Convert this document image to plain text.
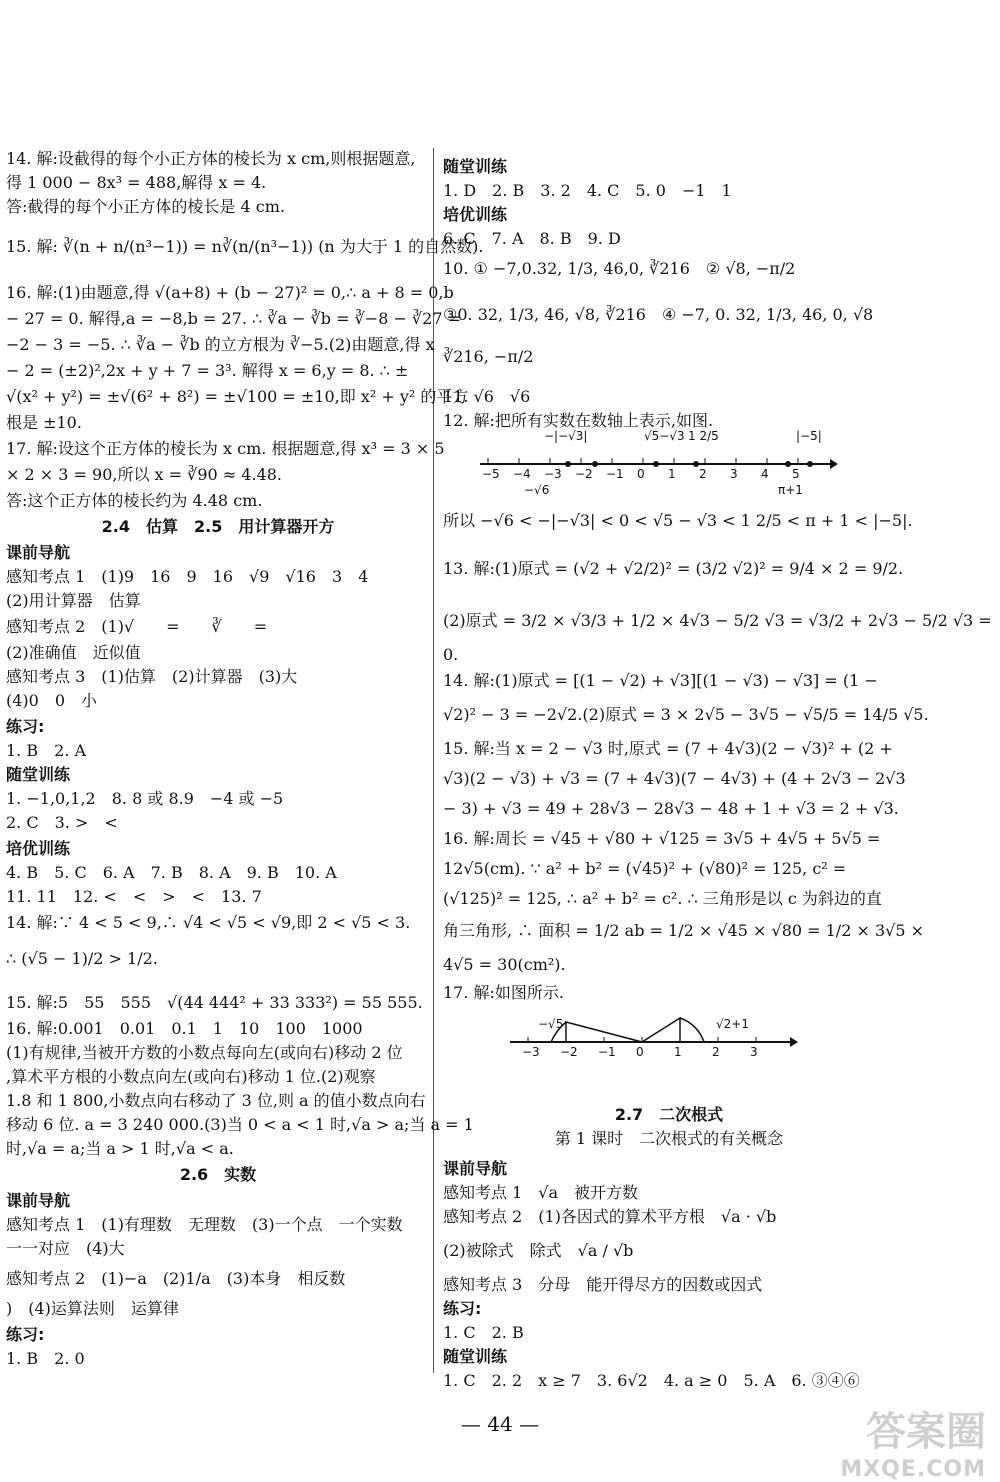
14. 解:设截得的每个小正方体的棱长为 x cm,则根据题意,
得 1 000 − 8x³ = 488,解得 x = 4.
答:截得的每个小正方体的棱长是 4 cm.
15. 解: ∛(n + n/(n³−1)) = n∛(n/(n³−1)) (n 为大于 1 的自然数).
16. 解:(1)由题意,得 √(a+8) + (b − 27)² = 0,∴ a + 8 = 0,b
− 27 = 0. 解得,a = −8,b = 27. ∴ ∛a − ∛b = ∛−8 − ∛27 =
−2 − 3 = −5. ∴ ∛a − ∛b 的立方根为 ∛−5.(2)由题意,得 x
− 2 = (±2)²,2x + y + 7 = 3³. 解得 x = 6,y = 8. ∴ ±
√(x² + y²) = ±√(6² + 8²) = ±√100 = ±10,即 x² + y² 的平方
根是 ±10.
17. 解:设这个正方体的棱长为 x cm. 根据题意,得 x³ = 3 × 5
× 2 × 3 = 90,所以 x = ∛90 ≈ 4.48.
答:这个正方体的棱长约为 4.48 cm.
2.4　估算　2.5　用计算器开方
课前导航
感知考点 1　(1)9　16　9　16　√9　√16　3　4
(2)用计算器　估算
感知考点 2　(1)√　　=　　∛　　=
(2)准确值　近似值
感知考点 3　(1)估算　(2)计算器　(3)大
(4)0　0　小
练习:
1. B　2. A
随堂训练
1. −1,0,1,2　8. 8 或 8.9　−4 或 −5
2. C　3. >　<
培优训练
4. B　5. C　6. A　7. B　8. A　9. B　10. A
11. 11　12. <　<　>　<　13. 7
14. 解:∵ 4 < 5 < 9,∴ √4 < √5 < √9,即 2 < √5 < 3.
∴ (√5 − 1)/2 > 1/2.
15. 解:5　55　555　√(44 444² + 33 333²) = 55 555.
16. 解:0.001　0.01　0.1　1　10　100　1000
(1)有规律,当被开方数的小数点每向左(或向右)移动 2 位
,算术平方根的小数点向左(或向右)移动 1 位.(2)观察
1.8 和 1 800,小数点向右移动了 3 位,则 a 的值小数点向右
移动 6 位. a = 3 240 000.(3)当 0 < a < 1 时,√a > a;当 a = 1
时,√a = a;当 a > 1 时,√a < a.
2.6　实数
课前导航
感知考点 1　(1)有理数　无理数　(3)一个点　一个实数
一一对应　(4)大
感知考点 2　(1)−a　(2)1/a　(3)本身　相反数
)　(4)运算法则　运算律
练习:
1. B　2. 0
随堂训练
1. D　2. B　3. 2　4. C　5. 0　−1　1
培优训练
6. C　7. A　8. B　9. D
10. ① −7,0.32, 1/3, 46,0, ∛216　② √8, −π/2
③0. 32, 1/3, 46, √8, ∛216　④ −7, 0. 32, 1/3, 46, 0, √8
∛216, −π/2
11. √6　√6
12. 解:把所有实数在数轴上表示,如图.
所以 −√6 < −|−√3| < 0 < √5 − √3 < 1 2/5 < π + 1 < |−5|.
13. 解:(1)原式 = (√2 + √2/2)² = (3/2 √2)² = 9/4 × 2 = 9/2.
(2)原式 = 3/2 × √3/3 + 1/2 × 4√3 − 5/2 √3 = √3/2 + 2√3 − 5/2 √3 =
0.
14. 解:(1)原式 = [(1 − √2) + √3][(1 − √3) − √3] = (1 −
√2)² − 3 = −2√2.(2)原式 = 3 × 2√5 − 3√5 − √5/5 = 14/5 √5.
15. 解:当 x = 2 − √3 时,原式 = (7 + 4√3)(2 − √3)² + (2 +
√3)(2 − √3) + √3 = (7 + 4√3)(7 − 4√3) + (4 + 2√3 − 2√3
− 3) + √3 = 49 + 28√3 − 28√3 − 48 + 1 + √3 = 2 + √3.
16. 解:周长 = √45 + √80 + √125 = 3√5 + 4√5 + 5√5 =
12√5(cm). ∵ a² + b² = (√45)² + (√80)² = 125, c² =
(√125)² = 125, ∴ a² + b² = c². ∴ 三角形是以 c 为斜边的直
角三角形, ∴ 面积 = 1/2 ab = 1/2 × √45 × √80 = 1/2 × 3√5 ×
4√5 = 30(cm²).
17. 解:如图所示.
2.7　二次根式
第 1 课时　二次根式的有关概念
课前导航
感知考点 1　√a　被开方数
感知考点 2　(1)各因式的算术平方根　√a · √b
(2)被除式　除式　√a / √b
感知考点 3　分母　能开得尽方的因数或因式
练习:
1. C　2. B
随堂训练
1. C　2. 2　x ≥ 7　3. 6√2　4. a ≥ 0　5. A　6. ③④⑥
−5 −4 −3 −2 −1 0 1 2 3 4 5
−|−√3|	√5−√3 1 2/5	|−5|
−√6	π+1
−3 −2 −1 0	1	2	3
−√5	√2+1
— 44 —	答案圈
MXQE.COM
